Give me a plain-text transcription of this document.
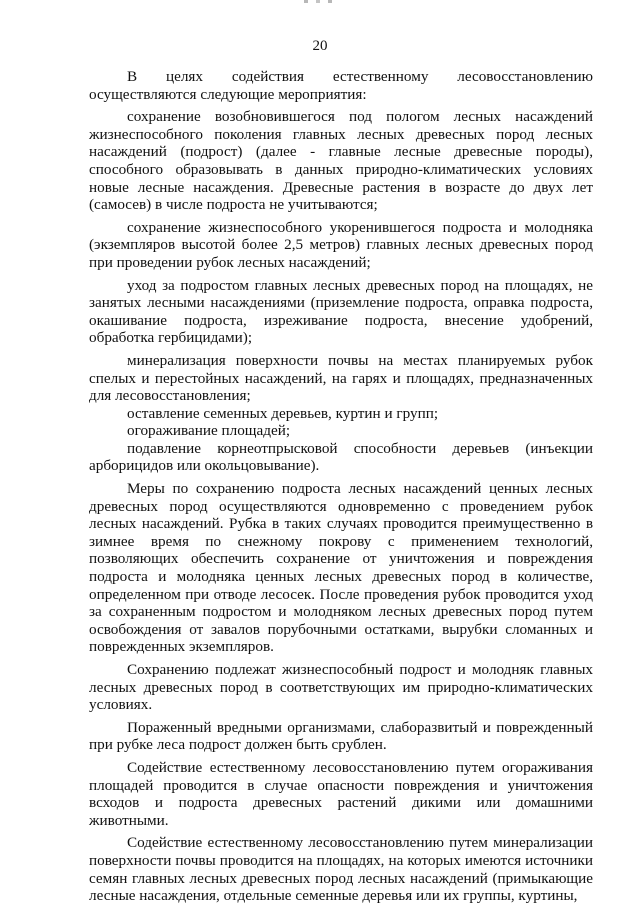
20

В целях содействия естественному лесовосстановлению осуществляются следующие мероприятия:

сохранение возобновившегося под пологом лесных насаждений жизнеспособного поколения главных лесных древесных пород лесных насаждений (подрост) (далее - главные лесные древесные породы), способного образовывать в данных природно-климатических условиях новые лесные насаждения. Древесные растения в возрасте до двух лет (самосев) в числе подроста не учитываются;

сохранение жизнеспособного укоренившегося подроста и молодняка (экземпляров высотой более 2,5 метров) главных лесных древесных пород при проведении рубок лесных насаждений;

уход за подростом главных лесных древесных пород на площадях, не занятых лесными насаждениями (приземление подроста, оправка подроста, окашивание подроста, изреживание подроста, внесение удобрений, обработка гербицидами);

минерализация поверхности почвы на местах планируемых рубок спелых и перестойных насаждений, на гарях и площадях, предназначенных для лесовосстановления;

оставление семенных деревьев, куртин и групп;

огораживание площадей;

подавление корнеотпрысковой способности деревьев (инъекции арборицидов или окольцовывание).

Меры по сохранению подроста лесных насаждений ценных лесных древесных пород осуществляются одновременно с проведением рубок лесных насаждений. Рубка в таких случаях проводится преимущественно в зимнее время по снежному покрову с применением технологий, позволяющих обеспечить сохранение от уничтожения и повреждения подроста и молодняка ценных лесных древесных пород в количестве, определенном при отводе лесосек. После проведения рубок проводится уход за сохраненным подростом и молодняком лесных древесных пород путем освобождения от завалов порубочными остатками, вырубки сломанных и поврежденных экземпляров.

Сохранению подлежат жизнеспособный подрост и молодняк главных лесных древесных пород в соответствующих им природно-климатических условиях.

Пораженный вредными организмами, слаборазвитый и поврежденный при рубке леса подрост должен быть срублен.

Содействие естественному лесовосстановлению путем огораживания площадей проводится в случае опасности повреждения и уничтожения всходов и подроста древесных растений дикими или домашними животными.

Содействие естественному лесовосстановлению путем минерализации поверхности почвы проводится на площадях, на которых имеются источники семян главных лесных древесных пород лесных насаждений (примыкающие лесные насаждения, отдельные семенные деревья или их группы, куртины,
